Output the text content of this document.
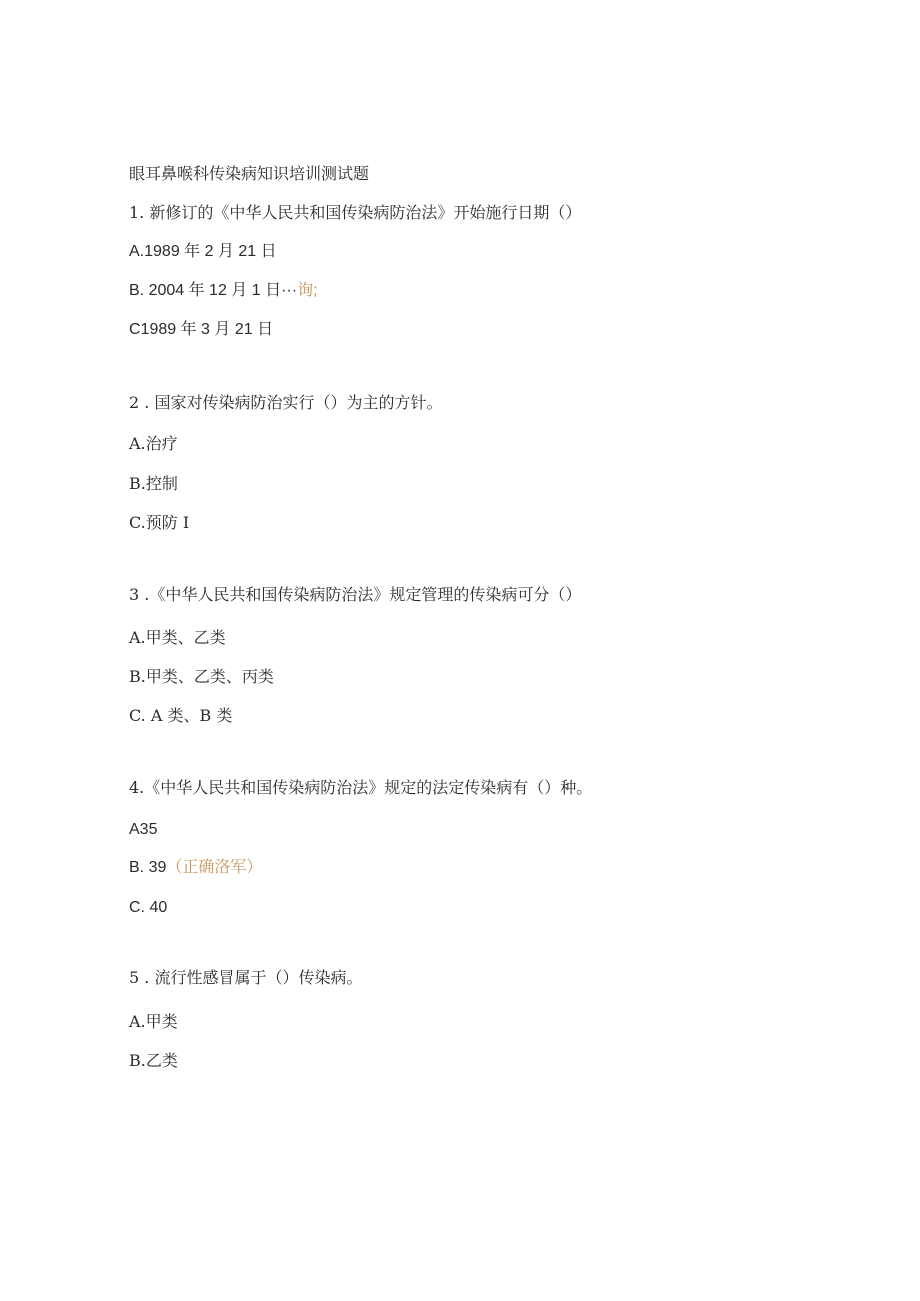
眼耳鼻喉科传染病知识培训测试题
1. 新修订的《中华人民共和国传染病防治法》开始施行日期（）
A.1989 年 2 月 21 日
B. 2004 年 12 月 1 日···询;
C1989 年 3 月 21 日
2 . 国家对传染病防治实行（）为主的方针。
A.治疗
B.控制
C.预防 I
3 .《中华人民共和国传染病防治法》规定管理的传染病可分（）
A.甲类、乙类
B.甲类、乙类、丙类
C. A 类、B 类
4.《中华人民共和国传染病防治法》规定的法定传染病有（）种。
A35
B. 39（正确洛军）
C. 40
5 . 流行性感冒属于（）传染病。
A.甲类
B.乙类
